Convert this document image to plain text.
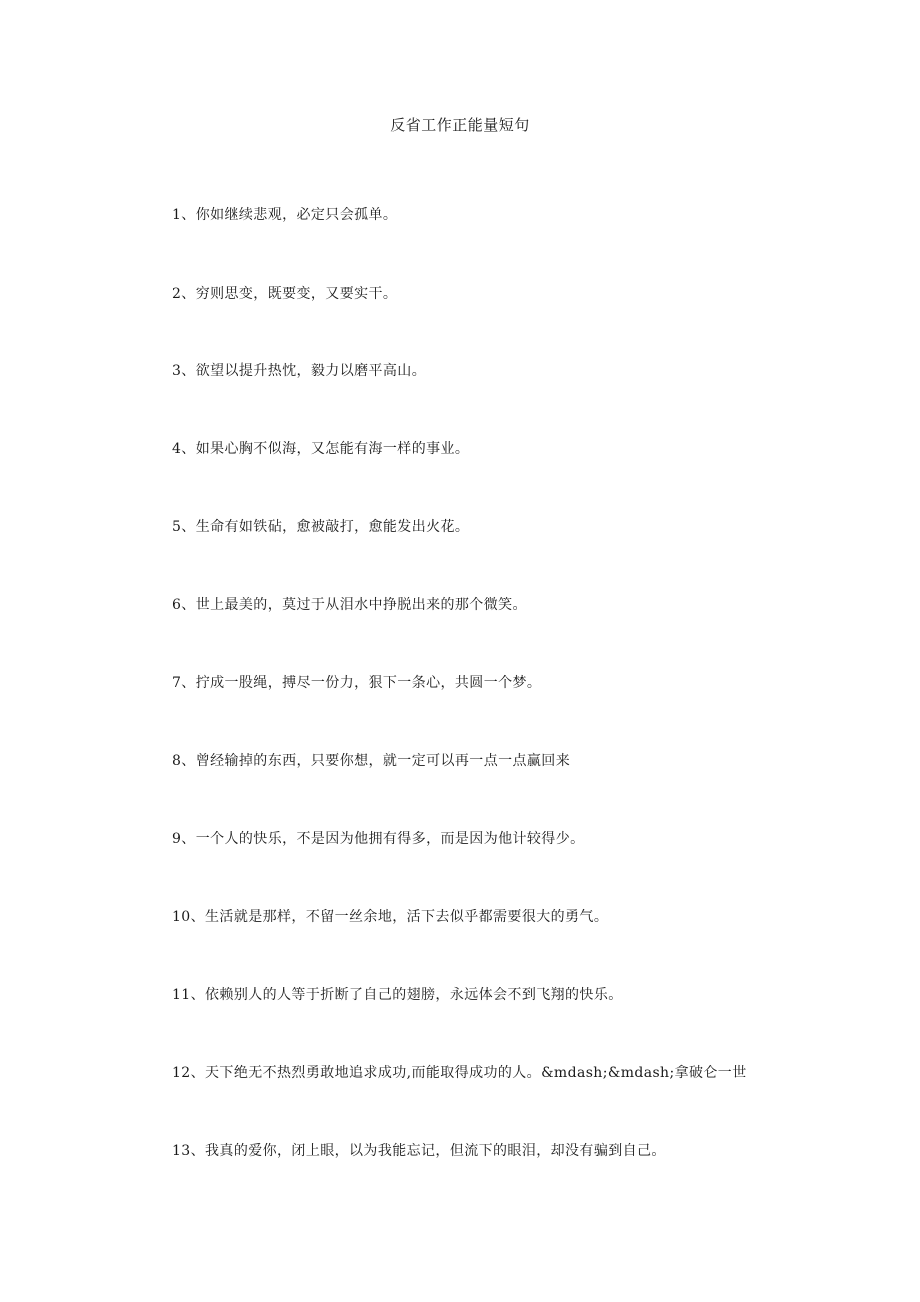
反省工作正能量短句
1、你如继续悲观，必定只会孤单。
2、穷则思变，既要变，又要实干。
3、欲望以提升热忱，毅力以磨平高山。
4、如果心胸不似海，又怎能有海一样的事业。
5、生命有如铁砧，愈被敲打，愈能发出火花。
6、世上最美的，莫过于从泪水中挣脱出来的那个微笑。
7、拧成一股绳，搏尽一份力，狠下一条心，共圆一个梦。
8、曾经输掉的东西，只要你想，就一定可以再一点一点赢回来
9、一个人的快乐，不是因为他拥有得多，而是因为他计较得少。
10、生活就是那样，不留一丝余地，活下去似乎都需要很大的勇气。
11、依赖别人的人等于折断了自己的翅膀，永远体会不到飞翔的快乐。
12、天下绝无不热烈勇敢地追求成功,而能取得成功的人。&mdash;&mdash;拿破仑一世
13、我真的爱你，闭上眼，以为我能忘记，但流下的眼泪，却没有骗到自己。
